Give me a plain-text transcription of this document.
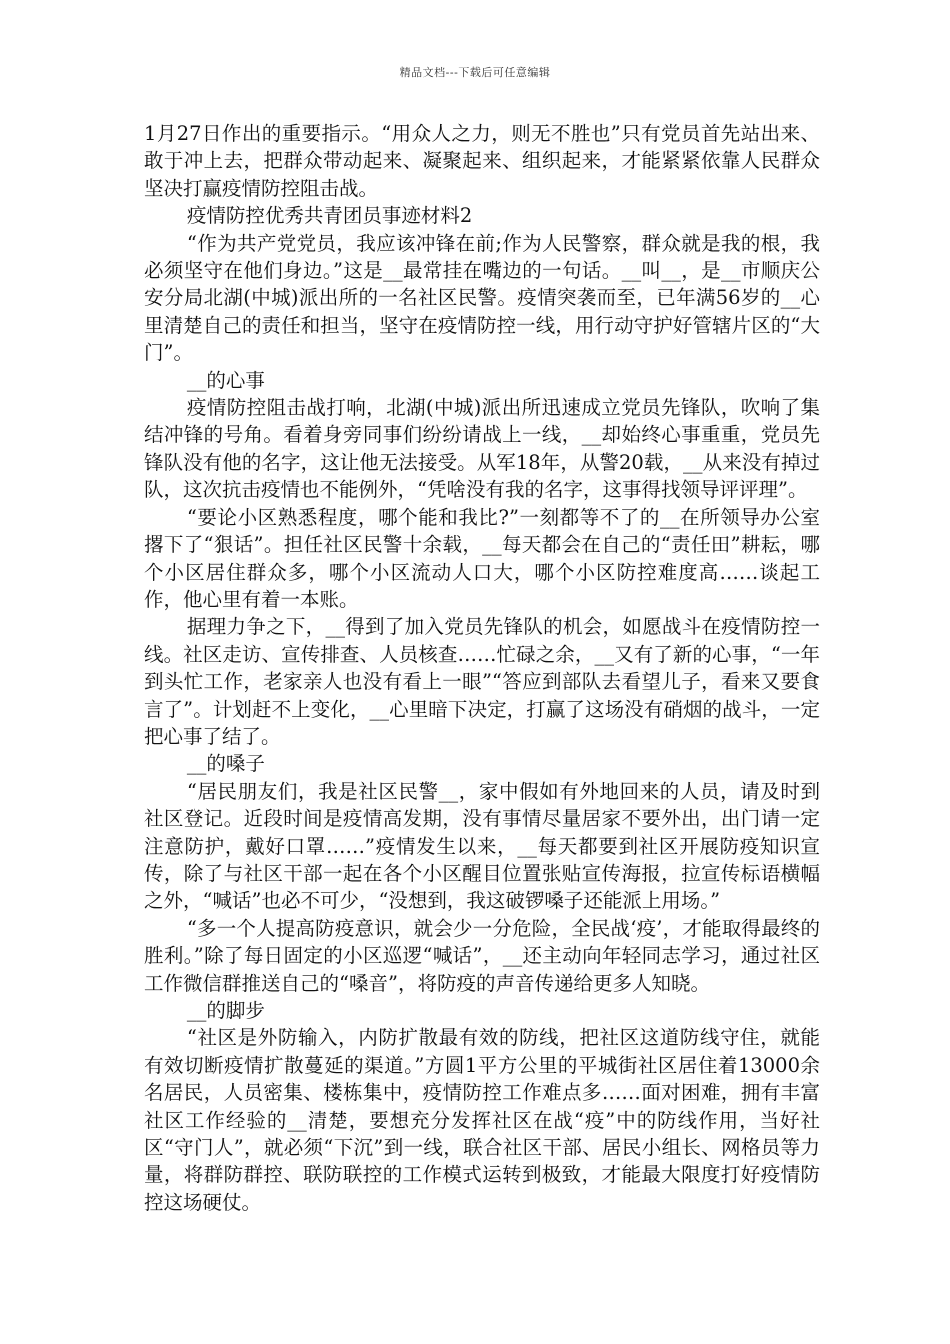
精品文档---下载后可任意编辑

1月27日作出的重要指示。“用众人之力，则无不胜也”只有党员首先站出来、敢于冲上去，把群众带动起来、凝聚起来、组织起来，才能紧紧依靠人民群众坚决打赢疫情防控阻击战。

疫情防控优秀共青团员事迹材料2

“作为共产党党员，我应该冲锋在前;作为人民警察，群众就是我的根，我必须坚守在他们身边。”这是__最常挂在嘴边的一句话。__叫__，是__市顺庆公安分局北湖(中城)派出所的一名社区民警。疫情突袭而至，已年满56岁的__心里清楚自己的责任和担当，坚守在疫情防控一线，用行动守护好管辖片区的“大门”。

__的心事

疫情防控阻击战打响，北湖(中城)派出所迅速成立党员先锋队，吹响了集结冲锋的号角。看着身旁同事们纷纷请战上一线，__却始终心事重重，党员先锋队没有他的名字，这让他无法接受。从军18年，从警20载，__从来没有掉过队，这次抗击疫情也不能例外，“凭啥没有我的名字，这事得找领导评评理”。

“要论小区熟悉程度，哪个能和我比?”一刻都等不了的__在所领导办公室撂下了“狠话”。担任社区民警十余载，__每天都会在自己的“责任田”耕耘，哪个小区居住群众多，哪个小区流动人口大，哪个小区防控难度高……谈起工作，他心里有着一本账。

据理力争之下，__得到了加入党员先锋队的机会，如愿战斗在疫情防控一线。社区走访、宣传排查、人员核查……忙碌之余，__又有了新的心事，“一年到头忙工作，老家亲人也没有看上一眼”“答应到部队去看望儿子，看来又要食言了”。计划赶不上变化，__心里暗下决定，打赢了这场没有硝烟的战斗，一定把心事了结了。

__的嗓子

“居民朋友们，我是社区民警__，家中假如有外地回来的人员，请及时到社区登记。近段时间是疫情高发期，没有事情尽量居家不要外出，出门请一定注意防护，戴好口罩……”疫情发生以来，__每天都要到社区开展防疫知识宣传，除了与社区干部一起在各个小区醒目位置张贴宣传海报，拉宣传标语横幅之外，“喊话”也必不可少，“没想到，我这破锣嗓子还能派上用场。”

“多一个人提高防疫意识，就会少一分危险，全民战‘疫’，才能取得最终的胜利。”除了每日固定的小区巡逻“喊话”，__还主动向年轻同志学习，通过社区工作微信群推送自己的“嗓音”，将防疫的声音传递给更多人知晓。

__的脚步

“社区是外防输入，内防扩散最有效的防线，把社区这道防线守住，就能有效切断疫情扩散蔓延的渠道。”方圆1平方公里的平城街社区居住着13000余名居民，人员密集、楼栋集中，疫情防控工作难点多……面对困难，拥有丰富社区工作经验的__清楚，要想充分发挥社区在战“疫”中的防线作用，当好社区“守门人”，就必须“下沉”到一线，联合社区干部、居民小组长、网格员等力量，将群防群控、联防联控的工作模式运转到极致，才能最大限度打好疫情防控这场硬仗。
